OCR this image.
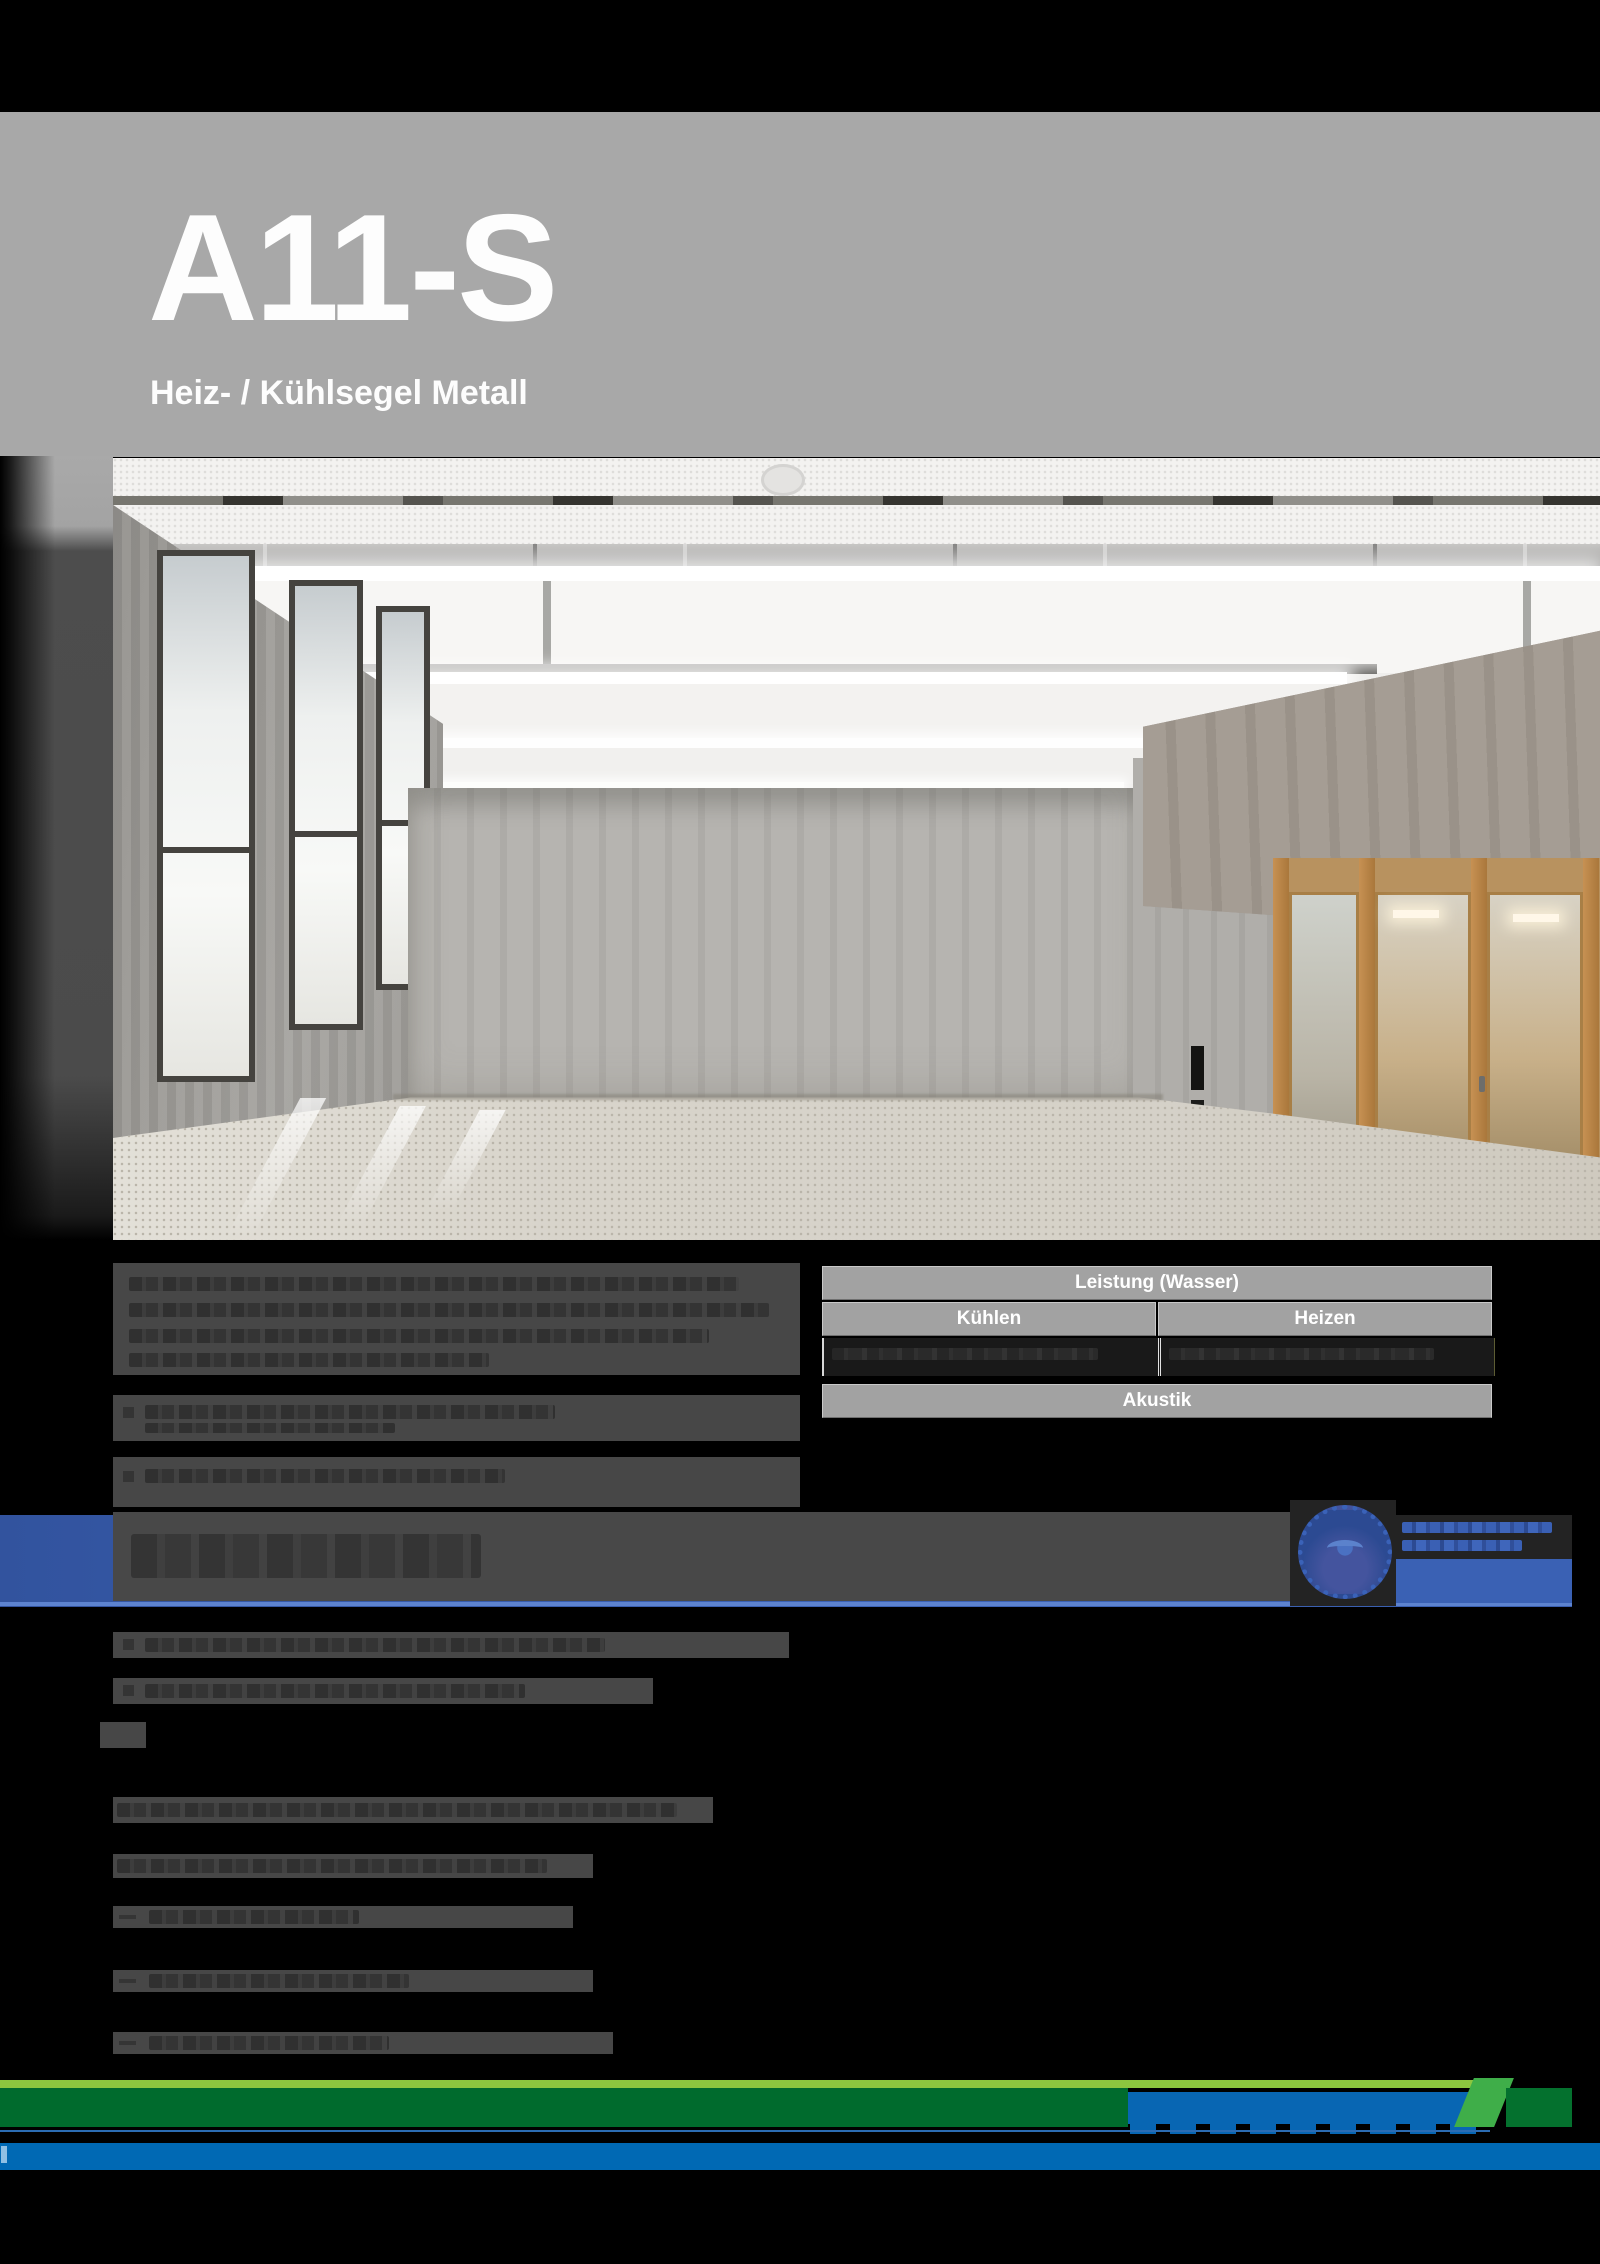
A11-S
Heiz- / Kühlsegel Metall
Leistung (Wasser)
Kühlen	Heizen
Akustik
